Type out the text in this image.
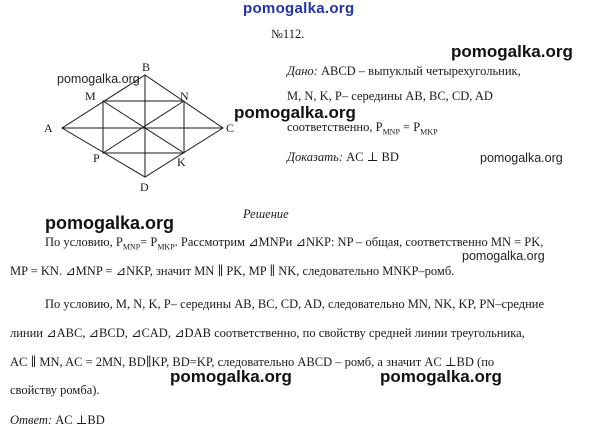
pomogalka.org
pomogalka.org
pomogalka.org
pomogalka.org
pomogalka.org
pomogalka.org
pomogalka.org
pomogalka.org	pomogalka.org
№112.
A
B
C
D
M	N
K
P
Дано: ABCD – выпуклый четырехугольник,
M, N, K, P– середины AB, BC, CD, AD
соответственно, $P_{MNP} = P_{MKP}$
Доказать: AC ⊥ BD
Решение
По условию, $P_{MNP}= P_{MKP}$. Рассмотрим ⊿MNPи ⊿NKP: NP – общая, соответственно MN = PK,
MP = KN. ⊿MNP = ⊿NKP, значит MN ∥ PK, MP ∥ NK, следовательно MNKP–ромб.
По условию, M, N, K, P– середины AB, BC, CD, AD, следовательно MN, NK, KP, PN–средние
линии ⊿ABC, ⊿BCD, ⊿CAD, ⊿DAB соответственно, по свойству средней линии треугольника,
AC ∥ MN, AC = 2MN, BD∥KP, BD=KP, следовательно ABCD – ромб, а значит AC ⊥BD (по
свойству ромба).
Ответ: AC ⊥BD
